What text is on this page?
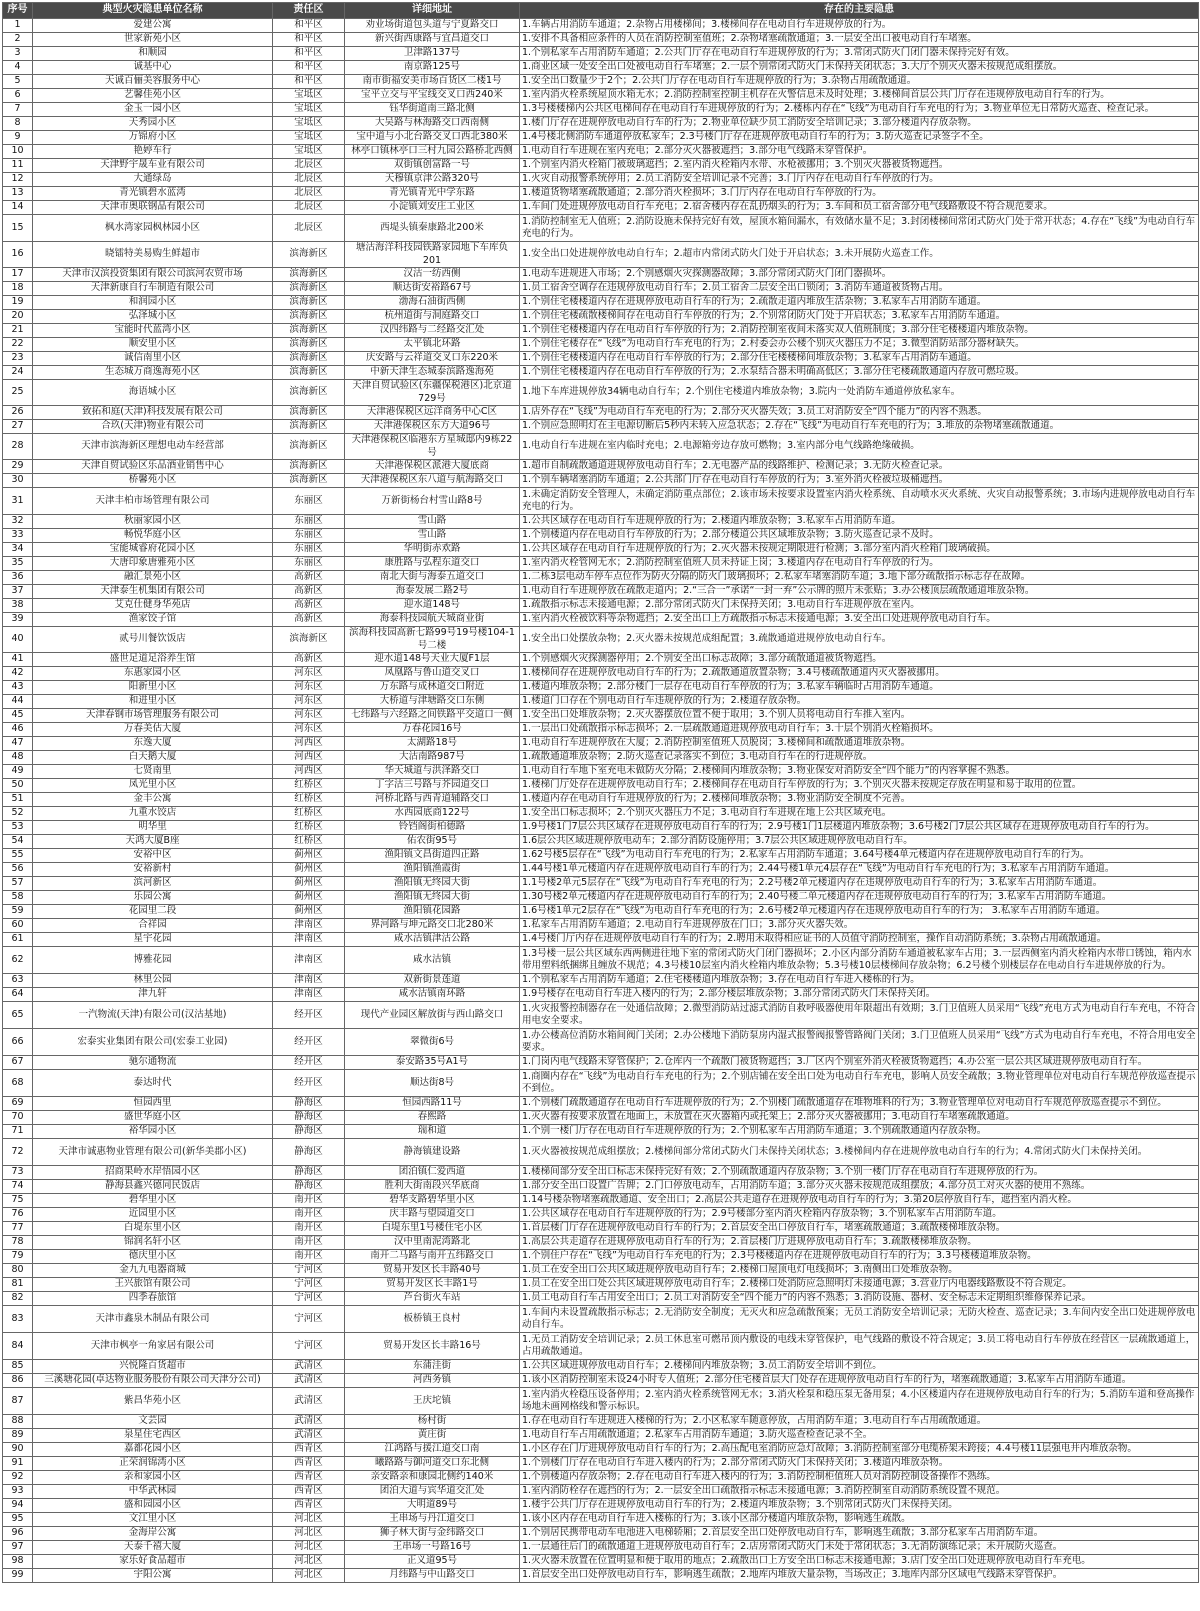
序号	典型火灾隐患单位名称	责任区	详细地址	存在的主要隐患
1	爱建公寓	和平区	劝业场街道包头道与宁夏路交口	1.车辆占用消防车通道；2.杂物占用楼梯间；3.楼梯间存在电动自行车进规停放的行为。
2	世家新苑小区	和平区	新兴街西康路与宜昌道交口	1.安排不具备相应条件的人员在消防控制室值班；2.杂物堵塞疏散通道；3.一层安全出口被电动自行车堵塞。
3	和顺园	和平区	卫津路137号	1.个别私家车占用消防车通道；2.公共门厅存在电动自行车进规停放的行为；3.常闭式防火门闭门器未保持完好有效。
4	诚基中心	和平区	南京路125号	1.商业区域一处安全出口处被电动自行车堵塞；2.一层个别常闭式防火门未保持关闭状态；3.大厅个别灭火器未按规范成组摆放。
5	天诚百俪美容服务中心	和平区	南市街福安美市场百货区二楼1号	1.安全出口数量少于2个；2.公共门厅存在电动自行车进规停放的行为；3.杂物占用疏散通道。
6	艺馨佳苑小区	宝坻区	宝平立交与平宝线交叉口西240米	1.室内消火栓系统屋顶水箱无水；2.消防控制室控制主机存在火警信息未及时处理；3.楼梯间首层公共门厅存在违规停放电动自行车的行为。
7	金玉一园小区	宝坻区	钰华街道南三路北侧	1.3号楼楼梯内公共区电梯间存在电动自行车进规停放的行为；2.楼栋内存在“飞线”为电动自行车充电的行为；3.物业单位无日常防火巡查、检查记录。
8	天秀园小区	宝坻区	大吴路与林海路交口西南侧	1.楼门厅存在进规停放电动自行车的行为；2.物业单位缺少员工消防安全培训记录；3.部分楼道内存放杂物。
9	万锦府小区	宝坻区	宝中道与小北台路交叉口西北380米	1.4号楼北侧消防车通道停放私家车；2.3号楼门厅存在进规停放电动自行车的行为；3.防火巡查记录签字不全。
10	艳婷车行	宝坻区	林亭口镇林亭口三村九园公路桥北西侧	1.电动自行车进规在室内充电；2.部分灭火器被遮挡；3.部分电气线路未穿管保护。
11	天津野宇晟车业有限公司	北辰区	双街镇创富路一号	1.个别室内消火栓箱门被玻璃遮挡；2.室内消火栓箱内水带、水枪被挪用；3.个别灭火器被货物遮挡。
12	大通绿岛	北辰区	天穆镇京津公路320号	1.火灾自动报警系统停用；2.员工消防安全培训记录不完善；3.门厅内存在电动自行车停放的行为。
13	青光镇碧水蓝湾	北辰区	青光镇青光中学东路	1.楼道货物堵塞疏散通道；2.部分消火栓损坏；3.门厅内存在电动自行车停放的行为。
14	天津市奥联钢品有限公司	北辰区	小淀镇刘安庄工业区	1.车间门处进规停放电动自行车充电；2.宿舍楼内存在乱扔烟头的行为；3.车间和员工宿舍部分电气线路敷设不符合规范要求。
15	枫水湾家园枫林园小区	北辰区	西堤头镇秦康路北200米	1.消防控制室无人值班；2.消防设施未保持完好有效，屋顶水箱间漏水，有效储水量不足；3.封闭楼梯间常闭式防火门处于常开状态；4.存在“飞线”为电动自行车充电的行为。
16	晓镭特美易购生鲜超市	滨海新区	塘沽海洋科技园铁路家园地下车库负201	1.安全出口处进规停放电动自行车；2.超市内常闭式防火门处于开启状态；3.未开展防火巡查工作。
17	天津市汉滨投资集团有限公司滨河农贸市场	滨海新区	汉沽一纺西侧	1.电动车进规进入市场；2.个别感烟火灾探测器故障；3.部分常闭式防火门闭门器损坏。
18	天津新康自行车制造有限公司	滨海新区	顺达街安裕路67号	1.员工宿舍空调存在违规停放电动自行车；2.员工宿舍二层安全出口锁闭；3.消防车通道被货物占用。
19	和润园小区	滨海新区	渤海石油街西侧	1.个别住宅楼楼道内存在进规停放电动自行车的行为；2.疏散走道内堆放生活杂物；3.私家车占用消防车通道。
20	弘泽城小区	滨海新区	杭州道街与洞庭路交口	1.个别住宅楼疏散楼梯间存在电动自行车停放的行为；2.个别常闭防火门处于开启状态；3.私家车占用消防车通道。
21	宝能时代蓝湾小区	滨海新区	汉四纬路与二经路交汇处	1.个别住宅楼楼道内存在电动自行车停放的行为；2.消防控制室夜间未落实双人值班制度；3.部分住宅楼楼道内堆放杂物。
22	顺安里小区	滨海新区	太平镇北环路	1.个别住宅楼存在“飞线”为电动自行车充电的行为；2.村委会办公楼个别灭火器压力不足；3.微型消防站部分器材缺失。
23	诚信南里小区	滨海新区	庆安路与云祥道交叉口东220米	1.个别住宅楼楼道内存在电动自行车停放的行为；2.部分住宅楼楼梯间堆放杂物；3.私家车占用消防车通道。
24	生态城万商逸海苑小区	滨海新区	中新天津生态城泰滨路逸海苑	1.个别住宅楼楼道内存在电动自行车停放的行为；2.水泵结合器未明确高低区；3.部分住宅楼疏散通道内存放可燃垃圾。
25	海语城小区	滨海新区	天津自贸试验区(东疆保税港区)北京道729号	1.地下车库进规停放34辆电动自行车；2.个别住宅楼道内堆放杂物；3.院内一处消防车通道停放私家车。
26	致拓和庭(天津)科技发展有限公司	滨海新区	天津港保税区远洋商务中心C区	1.店外存在“飞线”为电动自行车充电的行为；2.部分灭火器失效；3.员工对消防安全“四个能力”的内容不熟悉。
27	合玖(天津)物业有限公司	滨海新区	天津港保税区东方大道96号	1.个别应急照明灯在主电源切断后5秒内未转入应急状态；2.存在“飞线”为电动自行车充电的行为；3.堆放的杂物堵塞疏散通道。
28	天津市滨海新区理想电动车经营部	滨海新区	天津港保税区临港东方星城邸内9栋22号	1.电动自行车进规在室内临时充电；2.电源箱旁边存放可燃物；3.室内部分电气线路绝缘破损。
29	天津自贸试验区乐品酒业销售中心	滨海新区	天津港保税区派港大厦底商	1.超市自制疏散通道进规停放电动自行车；2.无电器产品的线路维护、检测记录；3.无防火检查记录。
30	桥馨苑小区	滨海新区	天津港保税区东八道与航海路交口	1.个别车辆堵塞消防车通道；2.公共部门厅存在电动自行车停放的行为；3.室外消火栓被垃圾桶遮挡。
31	天津丰柏市场管理有限公司	东丽区	万新街杨台村雪山路8号	1.未确定消防安全管理人，未确定消防重点部位；2.该市场未按要求设置室内消火栓系统、自动喷水灭火系统、火灾自动报警系统；3.市场内进规停放电动自行车充电的行为。
32	秋丽家园小区	东丽区	雪山路	1.公共区域存在电动自行车进规停放的行为；2.楼道内堆放杂物；3.私家车占用消防车道。
33	畅悦华庭小区	东丽区	雪山路	1.个别楼道内存在电动自行车停放的行为；2.部分楼道公共区域堆放杂物；3.防火巡查记录不及时。
34	宝能城睿府花园小区	东丽区	华明街赤欢路	1.公共区域存在电动自行车进规停放的行为；2.灭火器未按规定期限进行检测；3.部分室内消火栓箱门玻璃破损。
35	大唐印象唐雅苑小区	东丽区	康胜路与弘程东道交口	1.室内消火栓管网无水；2.消防控制室值班人员未持证上岗；3.楼道内存在电动自行车停放的行为。
36	融汇景苑小区	高新区	南北大街与海泰五道交口	1.二栋3层电动车停车点位作为防火分隔的防火门玻璃损坏；2.私家车堵塞消防车道；3.地下部分疏散指示标志存在故障。
37	天津泰生机集团有限公司	高新区	海泰发展二路2号	1.电动自行车进规停放在疏散走道内；2.“三合一”承诺“一封一弃”公示牌的照片未张贴；3.办公楼顶层疏散通道堆放杂物。
38	艾克仕健身华苑店	高新区	迎水道148号	1.疏散指示标志未接通电源；2.部分常闭式防火门未保持关闭；3.电动自行车进规停放在室内。
39	渔家饺子馆	高新区	海泰科技园航天城商业街	1.室内消火栓被饮料等杂物遮挡；2.安全出口上方疏散指示标志未接通电源；3.安全出口处进规停放电动自行车。
40	贰号川餐饮饭店	滨海新区	滨海科技园高新七路99号19号楼104-1号二楼	1.安全出口处摆放杂物；2.灭火器未按规范成组配置；3.疏散通道进规停放电动自行车。
41	盛世足道足浴养生馆	高新区	迎水道148号天业大厦F1层	1.个别感烟火灾探测器停用；2.个别安全出口标志故障；3.部分疏散通道被货物遮挡。
42	东惠家园小区	河东区	凤凰路与鲁山道交叉口	1.楼梯间存在进规停放电动自行车的行为；2.疏散通道放置杂物；3.4号楼疏散通道内灭火器被挪用。
43	阳新里小区	河东区	万东路与成林道交口附近	1.楼道内堆放杂物；2.部分楼门一层存在电动自行车停放的行为；3.私家车辆临时占用消防车通道。
44	和进里小区	河东区	大桥道与津塘路交口东侧	1.楼道门口存在个别电动自行车违规停放的行为；2.楼道存放杂物。
45	天津春钢市场管理服务有限公司	河东区	七纬路与六经路之间铁路平交道口一侧	1.安全出口处堆放杂物；2.灭火器摆放位置不便于取用；3.个别人员将电动自行车推入室内。
46	万春美估大厦	河东区	万春花园16号	1.一层出口处疏散指示标志损坏；2.一层疏散通道进规停放电动自行车；3.十层个别消火栓箱损坏。
47	东逸大厦	河西区	太湖路18号	1.电动自行车进规停放在大厦；2.消防控制室值班人员脱岗；3.楼梯间和疏散通道堆放杂物。
48	白天鹅大厦	河西区	大沽南路987号	1.疏散通道堆放杂物；2.防火巡查记录落实不到位；3.电动自行车在的行进规停放。
49	七贤南里	河西区	华天城道与洪泽路交口	1.电动自行车地下室充电未做防火分隔；2.楼梯间内堆放杂物；3.物业保安对消防安全“四个能力”的内容掌握不熟悉。
50	凤光里小区	红桥区	丁字沽三号路与芥园道交口	1.楼梯门厅处存在进规停放电动自行车；2.楼梯间存在电动自行车停放的行为；3.个别灭火器未按规定存放在明显和易于取用的位置。
51	金丰公寓	红桥区	河桥北路与西青道辅路交口	1.楼道内存在电动自行车进规停放的行为；2.楼梯间堆放杂物；3.物业消防安全制度不完善。
52	九重水饺店	红桥区	水西园底商122号	1.安全出口标志损坏；2.个别灭火器压力不足；3.电动自行车进规在地上公共区域充电。
53	明华里	红桥区	铃铛阁街柏德路	1.9号楼1门7层公共区域存在进规停放电动自行车的行为；2.9号楼1门1层楼道内堆放杂物；3.6号楼2门7层公共区域存在进规停放电动自行车的行为。
54	天鸿大厦B座	红桥区	佑农街95号	1.6层公共区域进规停放电动车；2.部分消防设施停用；3.7层公共区域进规停放电动自行车。
55	安裕中区	蓟州区	渔阳镇文昌街道四正路	1.62号楼5层存在“飞线”为电动自行车充电的行为；2.私家车占用消防车通道；3.64号楼4单元楼道内存在进规停放电动自行车的行为。
56	安裕新村	蓟州区	渔阳镇渔霞街	1.44号楼1单元楼道内存在进规停放电动自行车的行为；2.44号楼1单元4层存在“飞线”为电动自行车充电的行为；3.私家车占用消防车通道。
57	滨河新区	蓟州区	渔阳镇无终园大街	1.1号楼2单元5层存在“飞线”为电动自行车充电的行为；2.2号楼2单元楼道内存在违规停放电动自行车的行为；3.私家车占用消防车通道。
58	乐园公寓	蓟州区	渔阳镇无终园大街	1.30号楼2单元楼道内存在进规停放电动自行车的行为；2.40号楼二单元楼道内存在违规停放电动自行车的行为；3.私家车占用消防车通道。
59	花园里二段	蓟州区	渔阳镇花园路	1.6号楼1单元2层存在“飞线”为电动自行车充电的行为；2.6号楼2单元楼道内存在违规停放电动自行车的行为； 3.私家车占用消防车通道。
60	合祥园	津南区	界河路与坤元路交口北280米	1.私家车占用消防车通道；2.电动自行车进规停放在门口；3.部分灭火器失效。
61	星宇花园	津南区	咸水沽镇津沽公路	1.4号楼门厅内存在进规停放电动自行车的行为；2.聘用未取得相应证书的人员值守消防控制室，操作自动消防系统；3.杂物占用疏散通道。
62	博雅花园	津南区	咸水沽镇	1.3号楼一层公共区域东西两侧进往地下室的常闭式防火门闭门器损坏；2.小区内部分消防车通道被私家车占用；3.一层西侧室内消火栓箱内水带口锈蚀，箱内水带用塑料纸捆绑且缠放不规范；4.3号楼10层室内消火栓箱内堆放杂物；5.3号楼10层楼梯间存放杂物；6.2号楼个别楼层存在电动自行车进规停放的行为。
63	林里公园	津南区	双新街景莲道	1.个别私家车占用消防车通道；2.住宅楼楼道内堆放杂物；3.存在电动自行车进入楼栋的行为。
64	津九轩	津南区	咸水沽镇南环路	1.9号楼存在电动自行车进入楼内的行为；2.部分楼层堆放杂物；3.部分常闭式防火门未保持关闭。
65	一汽物流(天津)有限公司(汉沽基地)	经开区	现代产业园区解放街与西山路交口	1.火灾报警控制器存在一处通信故障；2.微型消防站过滤式消防自救呼吸器使用年限超出有效期；3.门卫值班人员采用“飞线”充电方式为电动自行车充电，不符合用电安全要求。
66	宏泰实业集团有限公司(宏泰工业园)	经开区	翠微街6号	1.办公楼高位消防水箱间阀门关闭；2.办公楼地下消防泵房内湿式报警阀报警管路阀门关闭；3.门卫值班人员采用“飞线”方式为电动自行车充电，不符合用电安全要求。
67	驰尔通物流	经开区	泰安路35号A1号	1.门岗内电气线路未穿管保护；2.仓库内一个疏散门被货物遮挡；3.厂区内个别室外消火栓被货物遮挡；4.办公室一层公共区域进规停放电动自行车。
68	泰达时代	经开区	顺达街8号	1.商圈内存在“飞线”为电动自行车充电的行为；2.个别店铺在安全出口处为电动自行车充电，影响人员安全疏散；3.物业管理单位对电动自行车规范停放巡查提示不到位。
69	恒园西里	静海区	恒园西路11号	1.个别楼门疏散通道存在电动自行车进规停放的行为；2.个别楼门疏散通道存在堆物堆料的行为；3.物业管理单位对电动自行车规范停放巡查提示不到位。
70	盛世华庭小区	静海区	春熙路	1.灭火器有按要求放置在地面上，未放置在灭火器箱内或托架上；2.部分灭火器被挪用；3.电动自行车堵塞疏散通道。
71	裕华园小区	静海区	瑞和道	1.个别一楼门厅存在电动自行车进规停放的行为；2.个别私家车占用消防车通道；3.个别疏散通道内存放杂物。
72	天津市诚惠物业管理有限公司(新华美郡小区)	静海区	静海镇建设路	1.灭火器被按规范成组摆放；2.楼梯间部分常闭式防火门未保持关闭状态；3.楼梯间内存在进规停放电动自行车的行为；4.常闭式防火门未保持关闭。
73	招商果岭水岸悟园小区	静海区	团泊镇仁爱西道	1.楼梯间部分安全出口标志未保持完好有效；2.个别疏散通道内存放杂物；3.个别一楼门厅存在电动自行车进规停放的行为。
74	静海县鑫兴德同民饭店	静海区	胜利大街南段兴华底商	1.部分安全出口设置广告牌；2.门口停放电动车，占用消防车道；3.部分灭火器未按规范成组摆放；4.部分员工对灭火器的使用不熟练。
75	碧华里小区	南开区	碧华支路碧华里小区	1.14号楼杂物堵塞疏散通道、安全出口；2.高层公共走道存在进规停放电动自行车的行为；3.第20层停放自行车，遮挡室内消火栓。
76	近园里小区	南开区	庆丰路与望园道交口	1.公共区域存在电动自行车进规停放的行为；2.9号楼部分室内消火栓箱内存放杂物；3.个别私家车占用消防车道。
77	白堤东里小区	南开区	白堤东里1号楼住宅小区	1.首层楼门厅存在进规停放电动自行车的行为；2.首层安全出口停放自行车，堵塞疏散通道；3.疏散楼梯堆放杂物。
78	锦润名轩小区	南开区	汉中里南泥湾路北	1.高层公共走道存在进规停放电动自行车的行为；2.首层楼门厅进规停放电动自行车；3.疏散楼梯堆放杂物。
79	德庆里小区	南开区	南开二马路与南开五纬路交口	1.个别住户存在“飞线”为电动自行车充电的行为；2.3号楼楼道内存在进规停放电动自行车的行为；3.3号楼楼道堆放杂物。
80	金九九电器商城	宁河区	贸易开发区长丰路40号	1.员工在安全出口公共区域进规停放电动自行车；2.楼梯口屋顶电灯电线损坏；3.南侧出口处堆放杂物。
81	王兴旅馆有限公司	宁河区	贸易开发区长丰路1号	1.员工在安全出口处公共区域进规停放电动自行车；2.楼梯口处消防应急照明灯未接通电源；3.营业厅内电器线路敷设不符合规定。
82	四季春旅馆	宁河区	芦台街火车站	1.员工电动自行车占用安全出口；2.员工对消防安全“四个能力”的内容不熟悉；3.消防设施、器材、安全标志未定期组织维修保养记录。
83	天津市鑫泉木制品有限公司	宁河区	板桥镇王良村	1.车间内未设置疏散指示标志；2.无消防安全制度；无灭火和应急疏散预案；无员工消防安全培训记录；无防火检查、巡查记录；3.车间内安全出口处进规停放电动自行车。
84	天津市枫亭一角家居有限公司	宁河区	贸易开发区长丰路16号	1.无员工消防安全培训记录；2.员工休息室可燃吊顶内敷设的电线未穿管保护，电气线路的敷设不符合规定；3.员工将电动自行车停放在经营区一层疏散通道上，占用疏散通道。
85	兴悦隆百货超市	武清区	东蒲洼街	1.公共区域进规停放电动自行车；2.楼梯间内堆放杂物；3.员工消防安全培训不到位。
86	三溪塘花园(卓达物业服务股份有限公司天津分公司)	武清区	河西务镇	1.该小区消防控制室未设24小时专人值班；2.部分住宅楼首层大门处存在进规停放电动自行车的行为，堵塞疏散通道；3.私家车占用消防车通道。
87	紫昌华苑小区	武清区	王庆坨镇	1.室内消火栓稳压设备停用；2.室内消火栓系统管网无水；3.消火栓泵和稳压泵无备用泵；4.小区楼道内存在进规停放电动自行车的行为；5.消防车道和登高操作场地未画网格线和警示标识。
88	文芸园	武清区	杨村街	1.存在电动自行车进规进入楼梯的行为；2.小区私家车随意停放，占用消防车道；3.电动自行车占用疏散通道。
89	泉星住宅西区	武清区	黄庄街	1.电动自行车占用疏散通道；2.私家车占用消防车通道；3.防火巡查检查记录不全。
90	嘉都花园小区	西青区	江鸿路与援江道交口南	1.小区存在门厅进规停放电动自行车的行为；2.高压配电室消防应急灯故障；3.消防控制室部分电缆桥架未跨接；4.4号楼11层强电井内堆放杂物。
91	正荣润锦湾小区	西青区	曦路路与御河道交口东北侧	1.个别楼门厅存在电动自行车进入楼内的行为；2.部分常闭式防火门未保持关闭；3.楼道内堆放杂物。
92	亲和家园小区	西青区	亲安路亲和康园北侧约140米	1.个别楼道内存放杂物；2.存在电动自行车进入楼内的行为；3.消防控制柜值班人员对消防控制设备操作不熟练。
93	中华武林园	西青区	团泊大道与宾华道交汇处	1.室内消防栓存在遮挡的行为；2.一层安全出口疏散指示标志未接通电源；3.消防控制室自动消防系统设置不规范。
94	盛和园园小区	西青区	大明道89号	1.楼宇公共门厅存在进规停放电动自行车的行为；2.楼道内堆放杂物；3.个别常闭式防火门未保持关闭。
95	文江里小区	河北区	王串场与丹江道交口	1.该小区内存在电动自行车进入楼栋的行为；3.该小区部分楼道内堆放杂物，影响逃生疏散。
96	金海岸公寓	河北区	狮子林大街与金纬路交口	1.个别居民携带电动车电池进入电梯轿厢；2.首层安全出口处停放电动自行车，影响逃生疏散；3.部分私家车占用消防车道。
97	天泰千禧大厦	河北区	王串场一号路16号	1.一层通往后门的疏散通道上进规停放电动自行车；2.店房常闭式防火门未处于常闭状态；3.无消防演练记录；未开展防火巡查。
98	家乐好食品超市	河北区	正义道95号	1.灭火器未放置在位置明显和便于取用的地点；2.疏散出口上方安全出口标志未接通电源；3.店门安全出口处进规停放电动自行车充电。
99	宇阳公寓	河北区	月纬路与中山路交口	1.首层安全出口处停放电动自行车，影响逃生疏散；2.地库内堆放大量杂物，当场改正；3.地库内部分区域电气线路未穿管保护。
